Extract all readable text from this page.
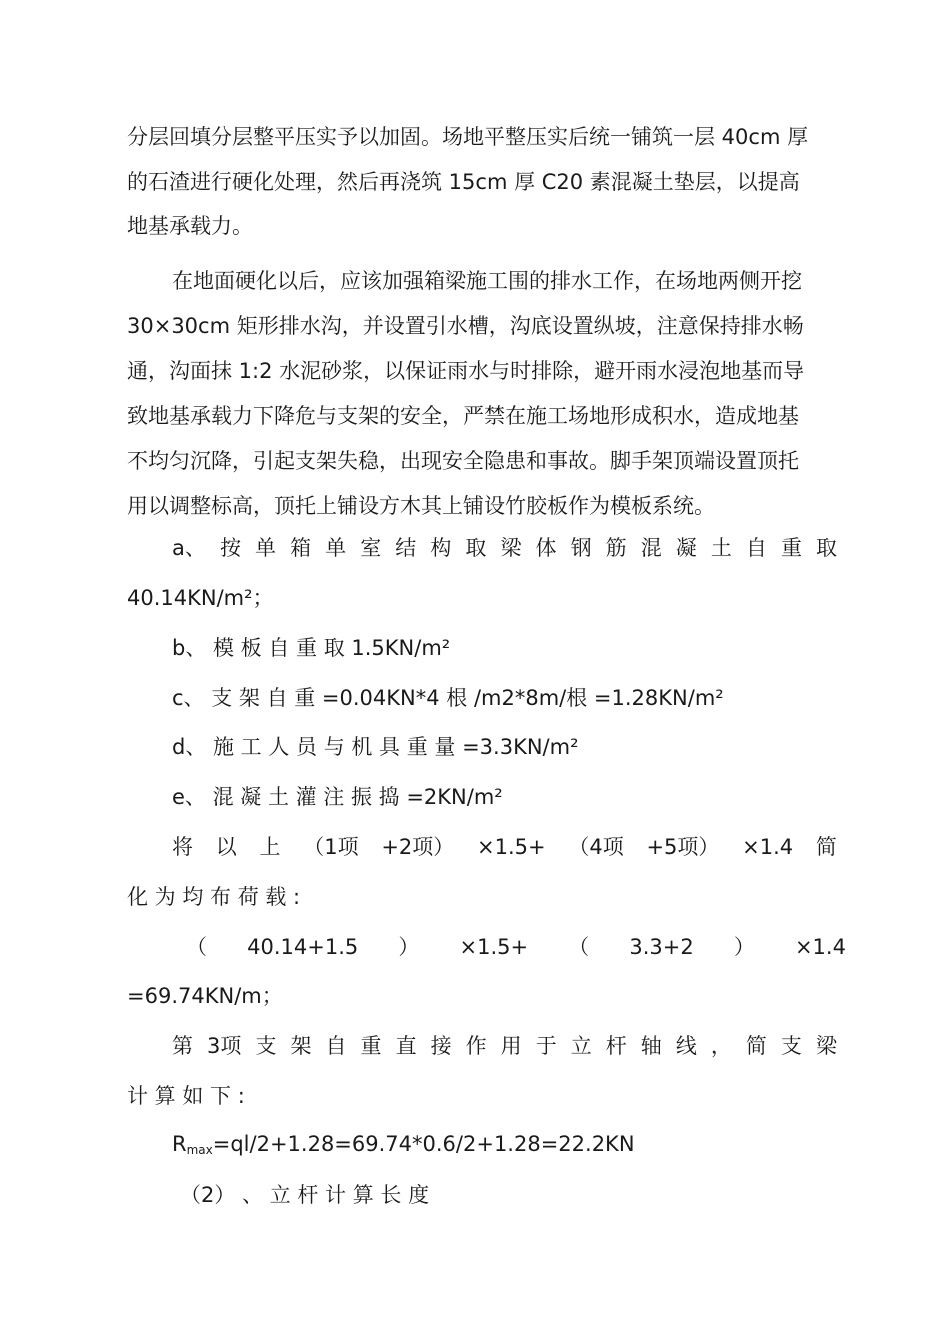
分层回填分层整平压实予以加固。场地平整压实后统一铺筑一层 40cm 厚
的石渣进行硬化处理，然后再浇筑 15cm 厚 C20 素混凝土垫层，以提高
地基承载力。
在地面硬化以后，应该加强箱梁施工围的排水工作，在场地两侧开挖
30×30cm 矩形排水沟，并设置引水槽，沟底设置纵坡，注意保持排水畅
通，沟面抹 1:2 水泥砂浆，以保证雨水与时排除，避开雨水浸泡地基而导
致地基承载力下降危与支架的安全，严禁在施工场地形成积水，造成地基
不均匀沉降，引起支架失稳，出现安全隐患和事故。脚手架顶端设置顶托
用以调整标高，顶托上铺设方木其上铺设竹胶板作为模板系统。
a、 按 单 箱 单 室 结 构 取 梁 体 钢 筋 混 凝 土 自 重 取
40.14KN/m²；
b、 模 板 自 重 取 1.5KN/m²
c、 支 架 自 重 =0.04KN*4 根 /m2*8m/根 =1.28KN/m²
d、 施 工 人 员 与 机 具 重 量 =3.3KN/m²
e、 混 凝 土 灌 注 振 捣 =2KN/m²
将 以 上 （1项 +2项） ×1.5+ （4项 +5项） ×1.4 简
化 为 均 布 荷 载 :
（ 40.14+1.5 ） ×1.5+ （ 3.3+2 ） ×1.4
=69.74KN/m；
第 3项 支 架 自 重 直 接 作 用 于 立 杆 轴 线 ， 简 支 梁
计 算 如 下 :
$R_{max}=ql/2+1.28=69.74*0.6/2+1.28=22.2KN$
（2） 、 立 杆 计 算 长 度
